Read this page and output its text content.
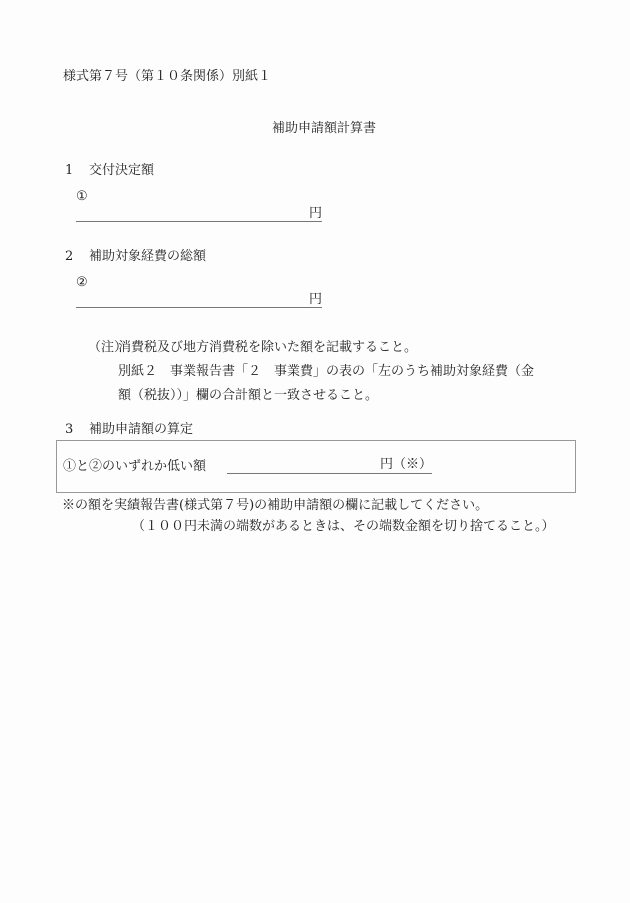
様式第７号（第１０条関係）別紙１
補助申請額計算書
1 交付決定額
①
円
2 補助対象経費の総額
②
円
（注）
消費税及び地方消費税を除いた額を記載すること。
別紙２　事業報告書「２　事業費」の表の「左のうち補助対象経費（金
額（税抜））」欄の合計額と一致させること。
3 補助申請額の算定
①と②のいずれか低い額	円（※）
※の額を実績報告書(様式第７号)の補助申請額の欄に記載してください。
（１００円未満の端数があるときは、その端数金額を切り捨てること。）
